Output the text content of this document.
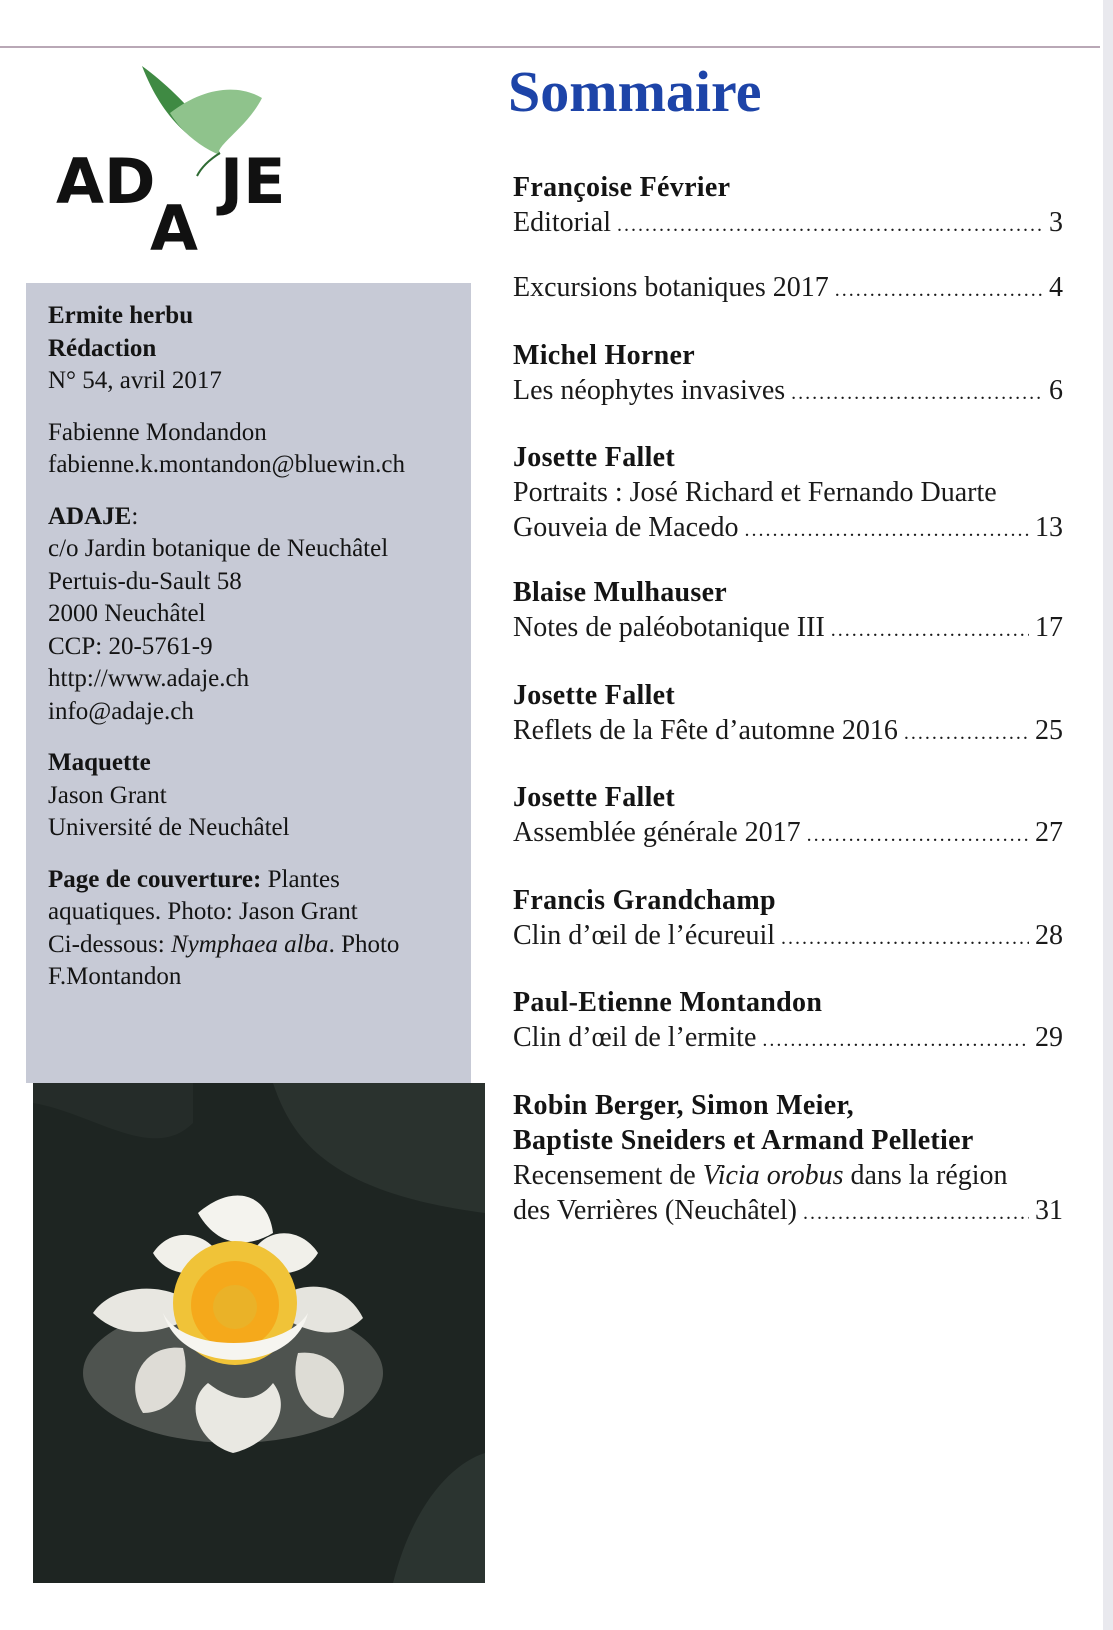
AD
A
JE

Ermite herbu
Rédaction
N° 54, avril 2017

Fabienne Mondandon
fabienne.k.montandon@bluewin.ch

ADAJE:
c/o Jardin botanique de Neuchâtel
Pertuis-du-Sault 58
2000 Neuchâtel
CCP: 20-5761-9
http://www.adaje.ch
info@adaje.ch

Maquette
Jason Grant
Université de Neuchâtel

Page de couverture: Plantes
aquatiques. Photo: Jason Grant
Ci-dessous: Nymphaea alba. Photo
F.Montandon

Sommaire
Françoise Février
Editorial .....	3
Excursions botaniques 2017 .....	4
Michel Horner
Les néophytes invasives .....	6
Josette Fallet
Portraits : José Richard et Fernando Duarte
Gouveia de Macedo .....	13
Blaise Mulhauser
Notes de paléobotanique III .....	17
Josette Fallet
Reflets de la Fête d’automne 2016 .....	25
Josette Fallet
Assemblée générale 2017 .....	27
Francis Grandchamp
Clin d’œil de l’écureuil .....	28
Paul-Etienne Montandon
Clin d’œil de l’ermite .....	29
Robin Berger, Simon Meier,
Baptiste Sneiders et Armand Pelletier
Recensement de Vicia orobus dans la région
des Verrières (Neuchâtel) .....	31
